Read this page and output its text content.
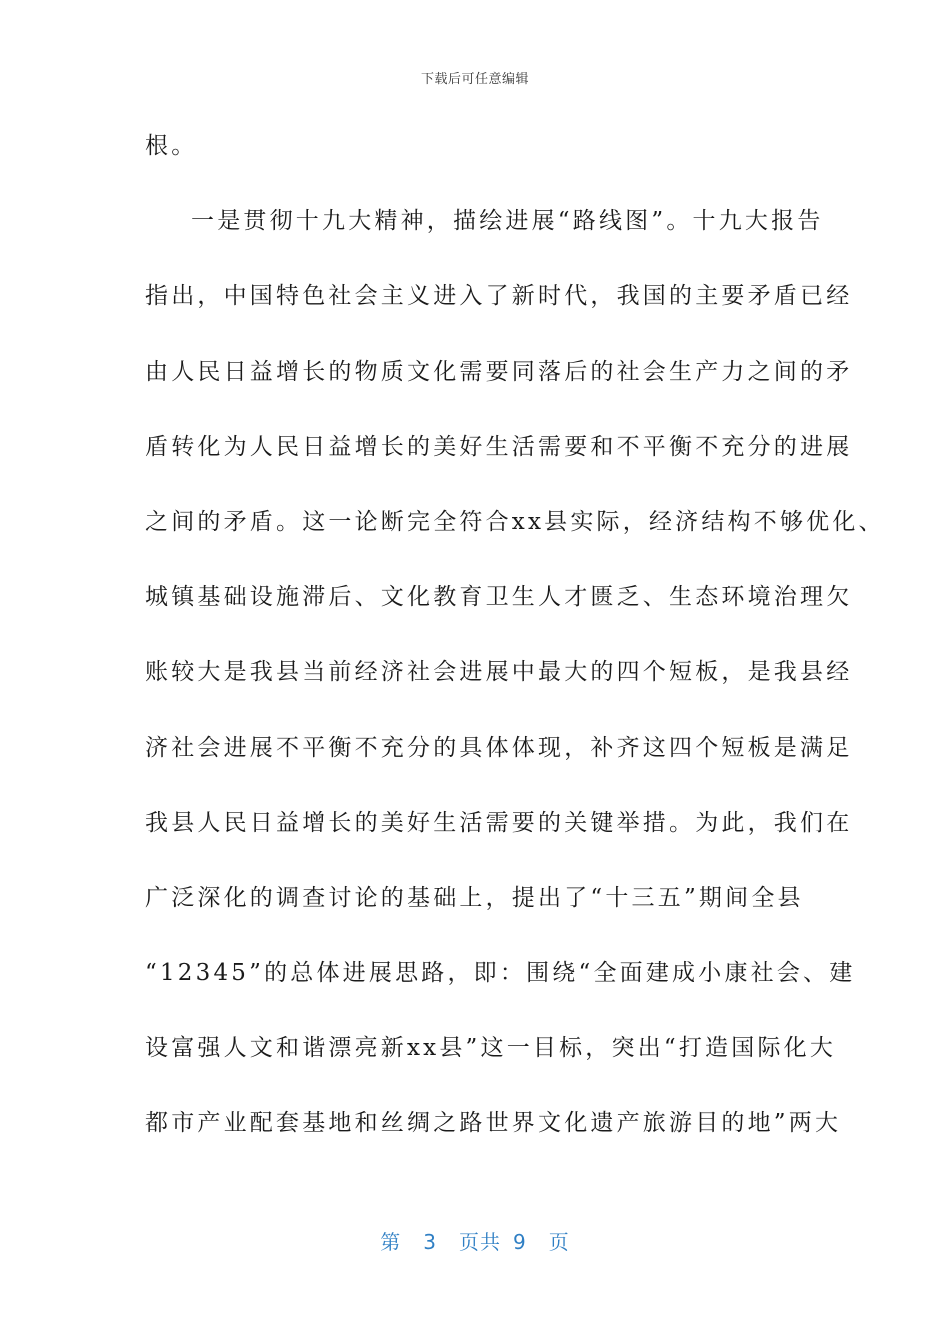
下载后可任意编辑
根。
一是贯彻十九大精神，描绘进展“路线图”。十九大报告
指出，中国特色社会主义进入了新时代，我国的主要矛盾已经
由人民日益增长的物质文化需要同落后的社会生产力之间的矛
盾转化为人民日益增长的美好生活需要和不平衡不充分的进展
之间的矛盾。这一论断完全符合xx县实际，经济结构不够优化、
城镇基础设施滞后、文化教育卫生人才匮乏、生态环境治理欠
账较大是我县当前经济社会进展中最大的四个短板，是我县经
济社会进展不平衡不充分的具体体现，补齐这四个短板是满足
我县人民日益增长的美好生活需要的关键举措。为此，我们在
广泛深化的调查讨论的基础上，提出了“十三五”期间全县
“12345”的总体进展思路，即：围绕“全面建成小康社会、建
设富强人文和谐漂亮新xx县”这一目标，突出“打造国际化大
都市产业配套基地和丝绸之路世界文化遗产旅游目的地”两大
第 3 页共 9 页
